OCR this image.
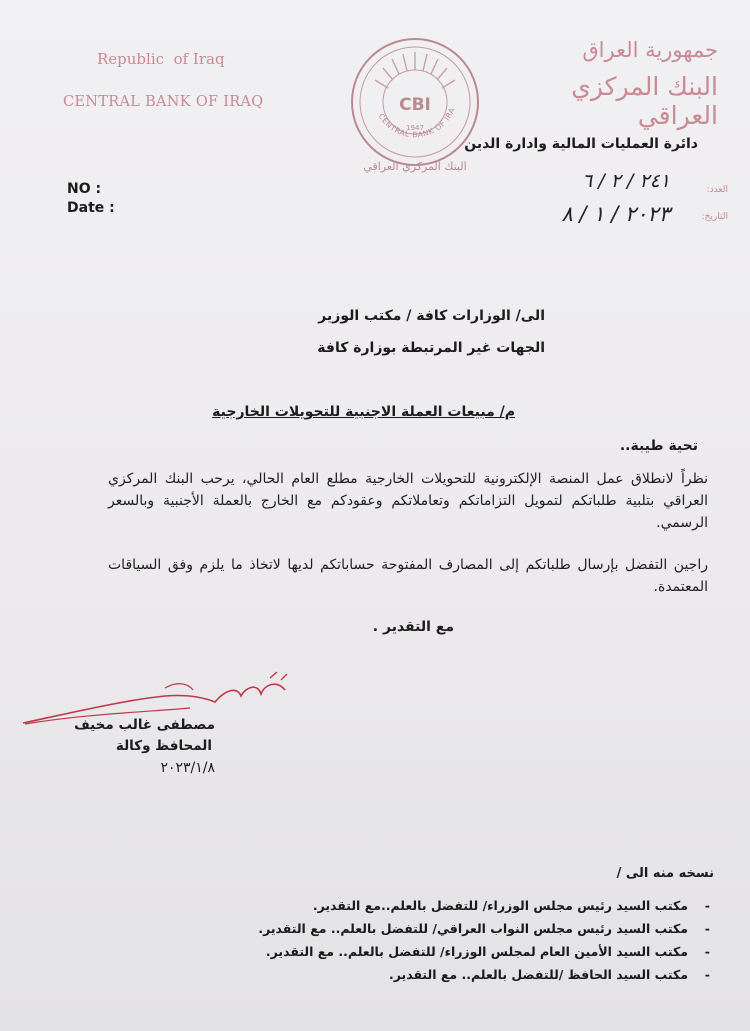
Republic  of Iraq
CENTRAL BANK OF IRAQ
جمهورية العراق
البنك المركزي العراقي
CBI
CENTRAL BANK OF IRA
1947
البنك المركزي العراقي
دائرة العمليات المالية وادارة الدين
NO :
Date :
العدد:
التاريخ:
٢٤١ / ٢ / ٦
٢٠٢٣ / ١ / ٨
الى/ الوزارات كافة / مكتب الوزير
الجهات غير المرتبطة بوزارة كافة
م/ مبيعات العملة الاجنبية للتحويلات الخارجية
تحية طيبة..
نظراً لانطلاق عمل المنصة الإلكترونية للتحويلات الخارجية مطلع العام الحالي، يرحب البنك المركزي العراقي بتلبية طلباتكم لتمويل التزاماتكم وتعاملاتكم وعقودكم مع الخارج بالعملة الأجنبية وبالسعر الرسمي.
راجين التفضل بإرسال طلباتكم إلى المصارف المفتوحة حساباتكم لديها لاتخاذ ما يلزم وفق السياقات المعتمدة.
مع التقدير .
مصطفى غالب مخيف
المحافظ وكالة
٢٠٢٣/١/٨
نسخه منه الى /
-
مكتب السيد رئيس مجلس الوزراء/ للتفضل بالعلم..مع التقدير.
-
مكتب السيد رئيس مجلس النواب العراقي/ للتفضل بالعلم.. مع التقدير.
-
مكتب السيد الأمين العام لمجلس الوزراء/ للتفضل بالعلم.. مع التقدير.
-
مكتب السيد الحافظ /للتفضل بالعلم.. مع التقدير.
